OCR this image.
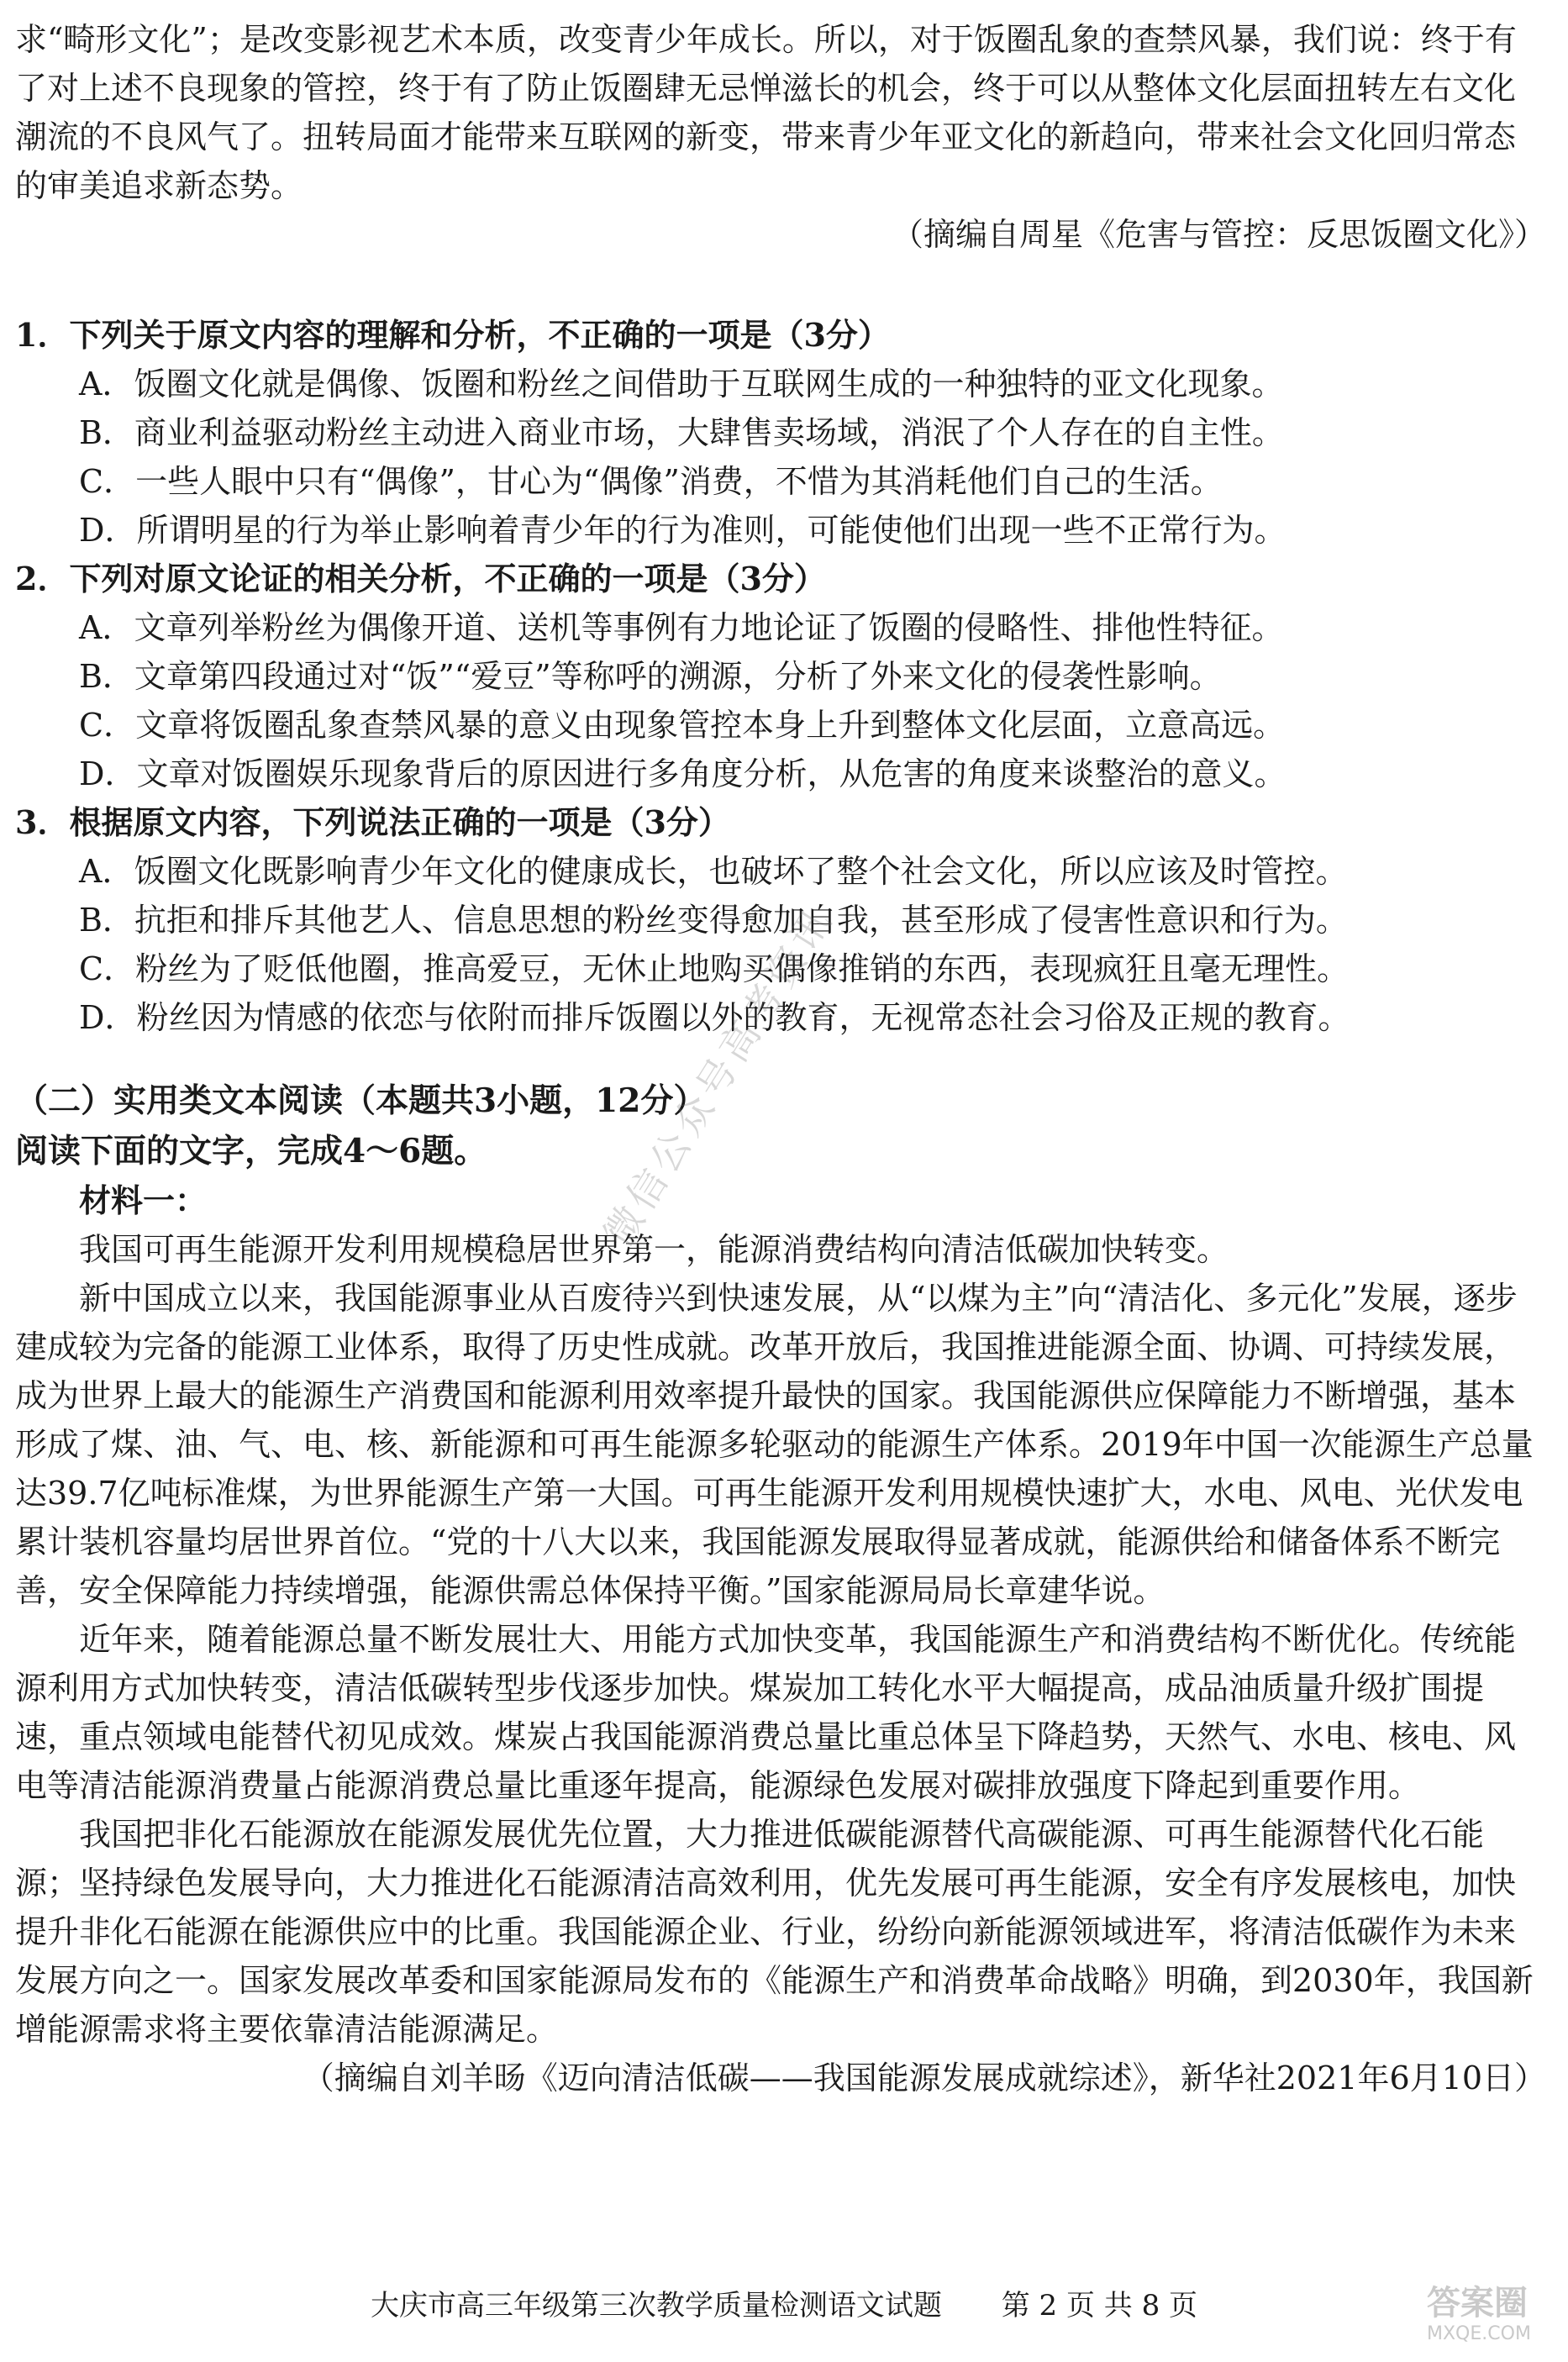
求“畸形文化”；是改变影视艺术本质，改变青少年成长。所以，对于饭圈乱象的查禁风暴，我们说：终于有了对上述不良现象的管控，终于有了防止饭圈肆无忌惮滋长的机会，终于可以从整体文化层面扭转左右文化潮流的不良风气了。扭转局面才能带来互联网的新变，带来青少年亚文化的新趋向，带来社会文化回归常态的审美追求新态势。

（摘编自周星《危害与管控：反思饭圈文化》）

1．下列关于原文内容的理解和分析，不正确的一项是（3分）

A．饭圈文化就是偶像、饭圈和粉丝之间借助于互联网生成的一种独特的亚文化现象。

B．商业利益驱动粉丝主动进入商业市场，大肆售卖场域，消泯了个人存在的自主性。

C．一些人眼中只有“偶像”，甘心为“偶像”消费，不惜为其消耗他们自己的生活。

D．所谓明星的行为举止影响着青少年的行为准则，可能使他们出现一些不正常行为。

2．下列对原文论证的相关分析，不正确的一项是（3分）

A．文章列举粉丝为偶像开道、送机等事例有力地论证了饭圈的侵略性、排他性特征。

B．文章第四段通过对“饭”“爱豆”等称呼的溯源，分析了外来文化的侵袭性影响。

C．文章将饭圈乱象查禁风暴的意义由现象管控本身上升到整体文化层面，立意高远。

D．文章对饭圈娱乐现象背后的原因进行多角度分析，从危害的角度来谈整治的意义。

3．根据原文内容，下列说法正确的一项是（3分）

A．饭圈文化既影响青少年文化的健康成长，也破坏了整个社会文化，所以应该及时管控。

B．抗拒和排斥其他艺人、信息思想的粉丝变得愈加自我，甚至形成了侵害性意识和行为。

C．粉丝为了贬低他圈，推高爱豆，无休止地购买偶像推销的东西，表现疯狂且毫无理性。

D．粉丝因为情感的依恋与依附而排斥饭圈以外的教育，无视常态社会习俗及正规的教育。

（二）实用类文本阅读（本题共3小题，12分）

阅读下面的文字，完成4～6题。

材料一：

我国可再生能源开发利用规模稳居世界第一，能源消费结构向清洁低碳加快转变。

新中国成立以来，我国能源事业从百废待兴到快速发展，从“以煤为主”向“清洁化、多元化”发展，逐步建成较为完备的能源工业体系，取得了历史性成就。改革开放后，我国推进能源全面、协调、可持续发展，成为世界上最大的能源生产消费国和能源利用效率提升最快的国家。我国能源供应保障能力不断增强，基本形成了煤、油、气、电、核、新能源和可再生能源多轮驱动的能源生产体系。2019年中国一次能源生产总量达39.7亿吨标准煤，为世界能源生产第一大国。可再生能源开发利用规模快速扩大，水电、风电、光伏发电累计装机容量均居世界首位。“党的十八大以来，我国能源发展取得显著成就，能源供给和储备体系不断完善，安全保障能力持续增强，能源供需总体保持平衡。”国家能源局局长章建华说。

近年来，随着能源总量不断发展壮大、用能方式加快变革，我国能源生产和消费结构不断优化。传统能源利用方式加快转变，清洁低碳转型步伐逐步加快。煤炭加工转化水平大幅提高，成品油质量升级扩围提速，重点领域电能替代初见成效。煤炭占我国能源消费总量比重总体呈下降趋势，天然气、水电、核电、风电等清洁能源消费量占能源消费总量比重逐年提高，能源绿色发展对碳排放强度下降起到重要作用。

我国把非化石能源放在能源发展优先位置，大力推进低碳能源替代高碳能源、可再生能源替代化石能源；坚持绿色发展导向，大力推进化石能源清洁高效利用，优先发展可再生能源，安全有序发展核电，加快提升非化石能源在能源供应中的比重。我国能源企业、行业，纷纷向新能源领域进军，将清洁低碳作为未来发展方向之一。国家发展改革委和国家能源局发布的《能源生产和消费革命战略》明确，到2030年，我国新增能源需求将主要依靠清洁能源满足。

（摘编自刘羊旸《迈向清洁低碳——我国能源发展成就综述》，新华社2021年6月10日）

微信公众号高考资讯
大庆市高三年级第三次教学质量检测语文试题 第 2 页 共 8 页	答案圈
MXQE.COM
